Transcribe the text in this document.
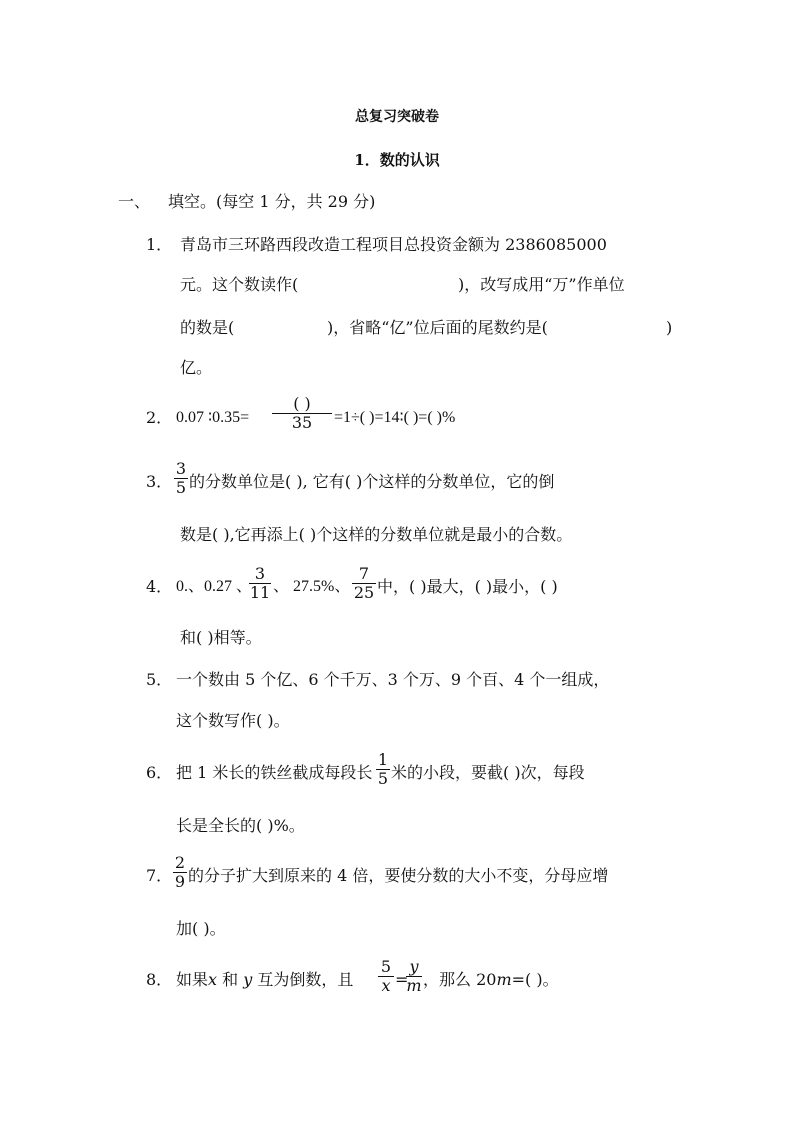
总复习突破卷
1．数的认识
一、 填空。(每空 1 分，共 29 分)
1． 青岛市三环路西段改造工程项目总投资金额为 2386085000
元。这个数读作(	)，改写成用“万”作单位
的数是(	)，省略“亿”位后面的尾数约是(	)
亿。
2． 0.07 ∶0.35=
( )
35	=1÷( )=14∶( )=( )%
3． $\frac{3}{5}$ 的分数单位是( ), 它有( )个这样的分数单位，它的倒
数是( ),它再添上( )个这样的分数单位就是最小的合数。
4． 0.、0.27 、
$\frac{3}{11}$ 、 27.5%、 $\frac{7}{25}$ 中，( )最大，( )最小，( )
和( )相等。
5． 一个数由 5 个亿、6 个千万、3 个万、9 个百、4 个一组成，
这个数写作( )。
6． 把 1 米长的铁丝截成每段长 $\frac{1}{5}$ 米的小段，要截( )次，每段
长是全长的( )%。
7． $\frac{2}{9}$ 的分子扩大到原来的 4 倍，要使分数的大小不变，分母应增
加( )。
8． 如果x 和 y 互为倒数，且 $\frac{5}{x}$ =
$\frac{y}{m}$ ，那么 20m=( )。
